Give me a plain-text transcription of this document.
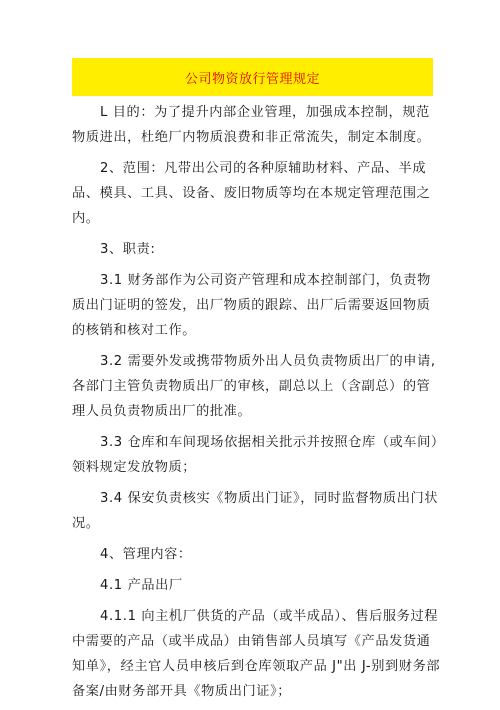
公司物资放行管理规定

L 目的：为了提升内部企业管理，加强成本控制，规范物质进出，杜绝厂内物质浪费和非正常流失，制定本制度。

2、范围：凡带出公司的各种原辅助材料、产品、半成品、模具、工具、设备、废旧物质等均在本规定管理范围之内。

3、职责:

3.1 财务部作为公司资产管理和成本控制部门，负责物质出门证明的签发，出厂物质的跟踪、出厂后需要返回物质的核销和核对工作。

3.2 需要外发或携带物质外出人员负责物质出厂的申请,各部门主管负责物质出厂的审核，副总以上（含副总）的管理人员负责物质出厂的批准。

3.3 仓库和车间现场依据相关批示并按照仓库（或车间）领料规定发放物质；

3.4 保安负责核实《物质出门证》，同时监督物质出门状况。

4、管理内容：

4.1 产品出厂

4.1.1 向主机厂供货的产品（或半成品）、售后服务过程中需要的产品（或半成品）由销售部人员填写《产品发货通知单》，经主官人员申核后到仓库领取产品 J"出 J-别到财务部备案/由财务部开具《物质出门证》；
